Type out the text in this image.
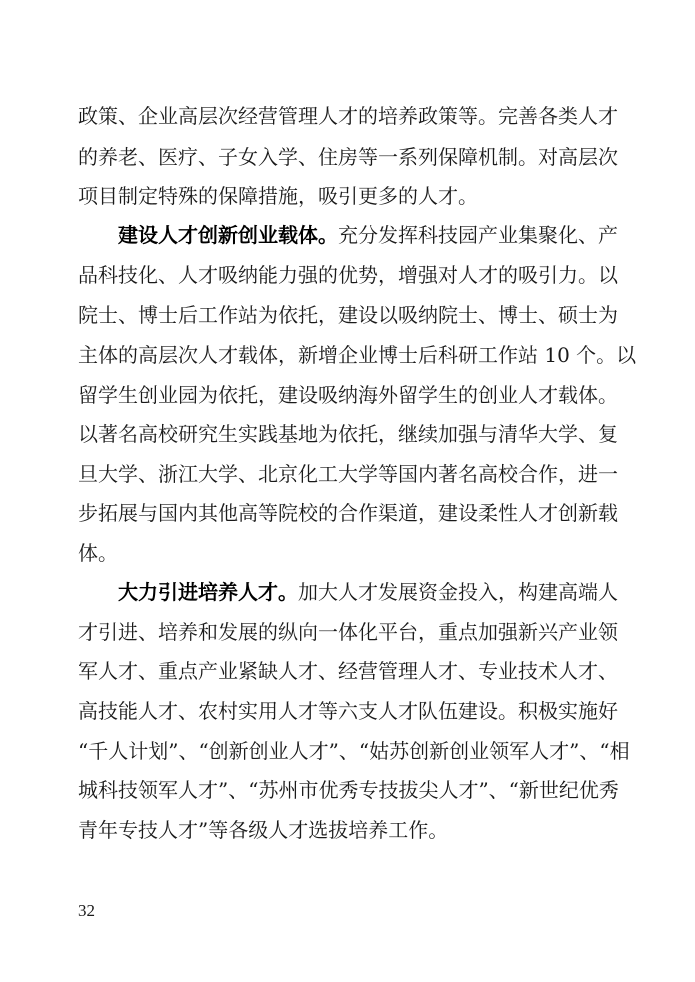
政策、企业高层次经营管理人才的培养政策等。完善各类人才
的养老、医疗、子女入学、住房等一系列保障机制。对高层次
项目制定特殊的保障措施，吸引更多的人才。
建设人才创新创业载体。充分发挥科技园产业集聚化、产
品科技化、人才吸纳能力强的优势，增强对人才的吸引力。以
院士、博士后工作站为依托，建设以吸纳院士、博士、硕士为
主体的高层次人才载体，新增企业博士后科研工作站 10 个。以
留学生创业园为依托，建设吸纳海外留学生的创业人才载体。
以著名高校研究生实践基地为依托，继续加强与清华大学、复
旦大学、浙江大学、北京化工大学等国内著名高校合作，进一
步拓展与国内其他高等院校的合作渠道，建设柔性人才创新载
体。
大力引进培养人才。加大人才发展资金投入，构建高端人
才引进、培养和发展的纵向一体化平台，重点加强新兴产业领
军人才、重点产业紧缺人才、经营管理人才、专业技术人才、
高技能人才、农村实用人才等六支人才队伍建设。积极实施好
“千人计划”、“创新创业人才”、“姑苏创新创业领军人才”、“相
城科技领军人才”、“苏州市优秀专技拔尖人才”、“新世纪优秀
青年专技人才”等各级人才选拔培养工作。
32
